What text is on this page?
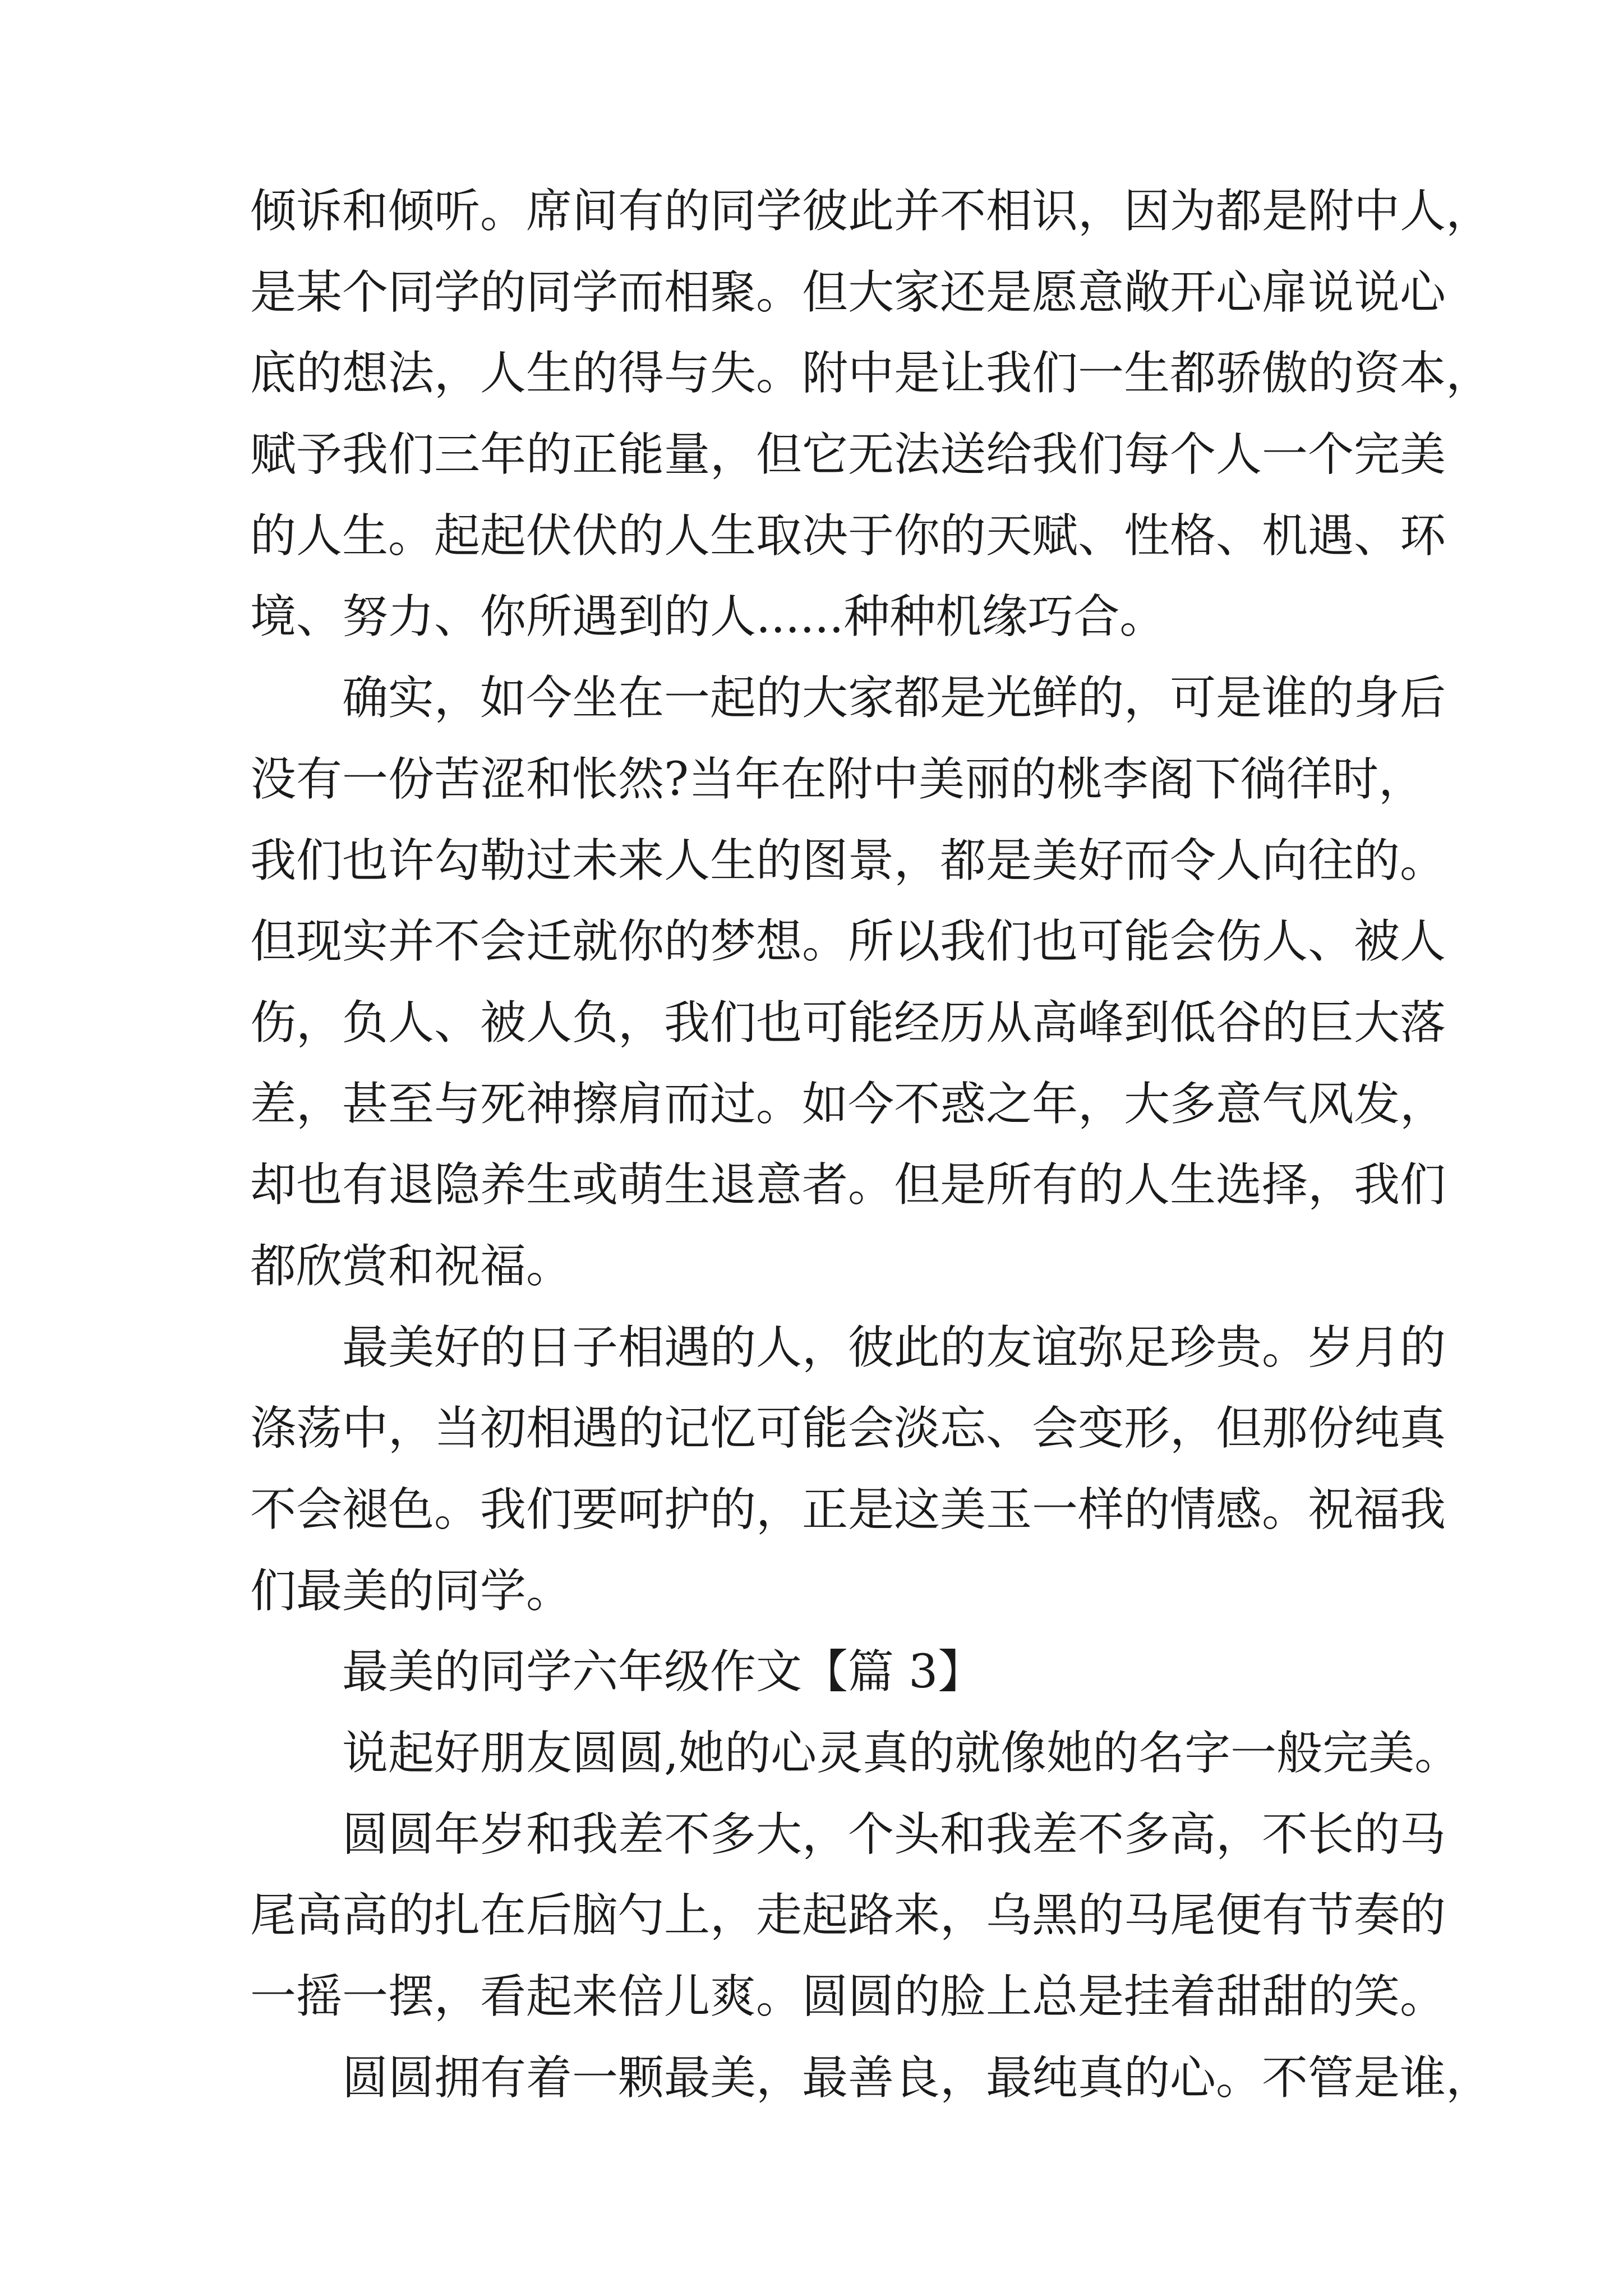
倾诉和倾听。席间有的同学彼此并不相识，因为都是附中人，
是某个同学的同学而相聚。但大家还是愿意敞开心扉说说心
底的想法，人生的得与失。附中是让我们一生都骄傲的资本，
赋予我们三年的正能量，但它无法送给我们每个人一个完美
的人生。起起伏伏的人生取决于你的天赋、性格、机遇、环
境、努力、你所遇到的人......种种机缘巧合。
确实，如今坐在一起的大家都是光鲜的，可是谁的身后
没有一份苦涩和怅然?当年在附中美丽的桃李阁下徜徉时，
我们也许勾勒过未来人生的图景，都是美好而令人向往的。
但现实并不会迁就你的梦想。所以我们也可能会伤人、被人
伤，负人、被人负，我们也可能经历从高峰到低谷的巨大落
差，甚至与死神擦肩而过。如今不惑之年，大多意气风发，
却也有退隐养生或萌生退意者。但是所有的人生选择，我们
都欣赏和祝福。
最美好的日子相遇的人，彼此的友谊弥足珍贵。岁月的
涤荡中，当初相遇的记忆可能会淡忘、会变形，但那份纯真
不会褪色。我们要呵护的，正是这美玉一样的情感。祝福我
们最美的同学。
最美的同学六年级作文【篇 3】
说起好朋友圆圆,她的心灵真的就像她的名字一般完美。
圆圆年岁和我差不多大，个头和我差不多高，不长的马
尾高高的扎在后脑勺上，走起路来，乌黑的马尾便有节奏的
一摇一摆，看起来倍儿爽。圆圆的脸上总是挂着甜甜的笑。
圆圆拥有着一颗最美，最善良，最纯真的心。不管是谁，
